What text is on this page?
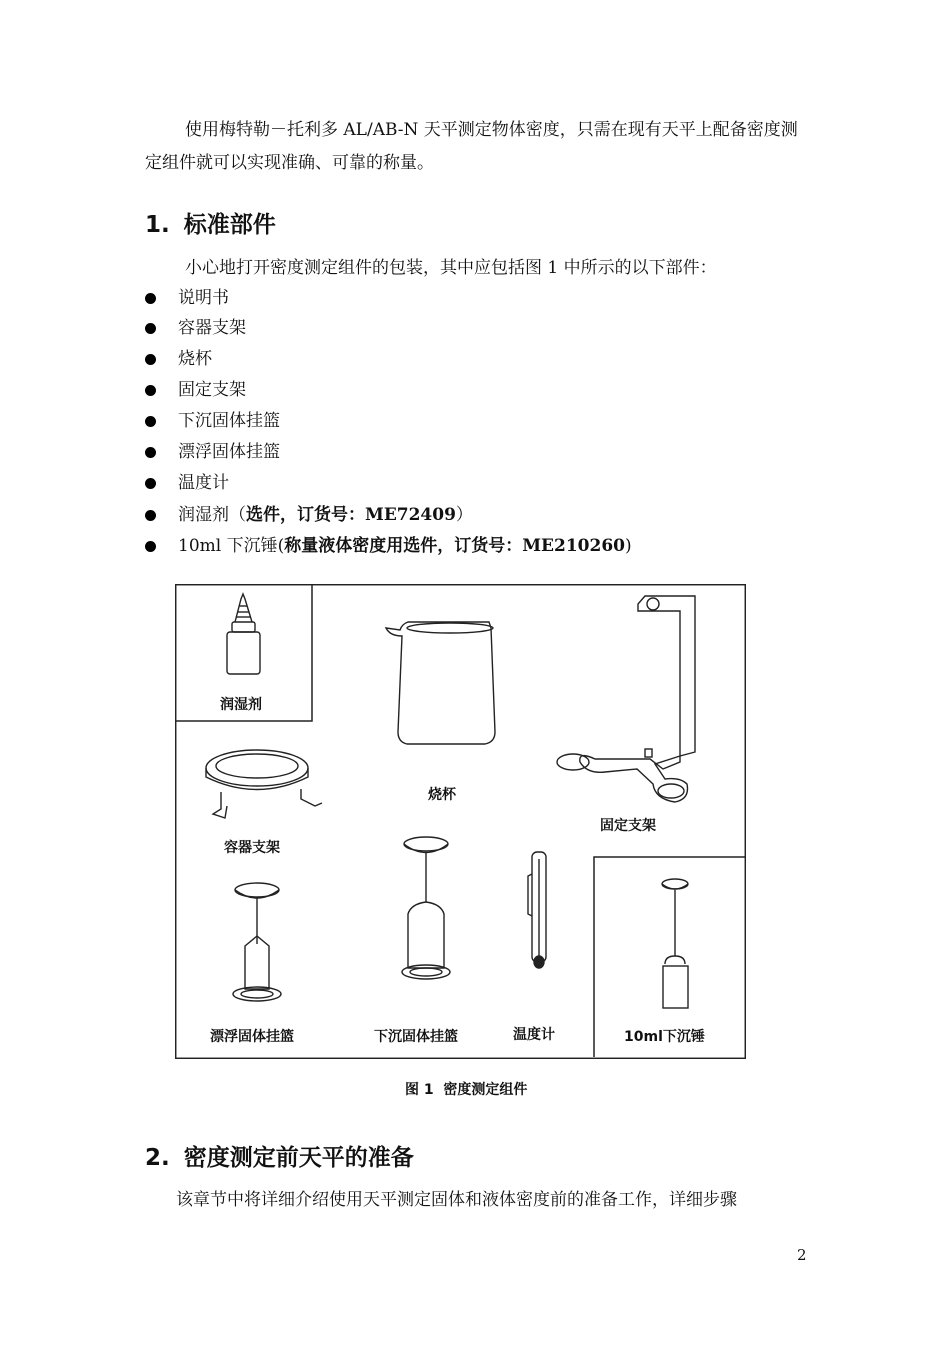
使用梅特勒－托利多 AL/AB-N 天平测定物体密度，只需在现有天平上配备密度测定组件就可以实现准确、可靠的称量。
1. 标准部件
小心地打开密度测定组件的包装，其中应包括图 1 中所示的以下部件：
说明书
容器支架
烧杯
固定支架
下沉固体挂篮
漂浮固体挂篮
温度计
润湿剂（选件，订货号：ME72409）
10ml 下沉锤(称量液体密度用选件，订货号：ME210260)
润湿剂
烧杯
固定支架
容器支架
漂浮固体挂篮	下沉固体挂篮	温度计	10ml下沉锤
图 1  密度测定组件
2. 密度测定前天平的准备
该章节中将详细介绍使用天平测定固体和液体密度前的准备工作，详细步骤
2
